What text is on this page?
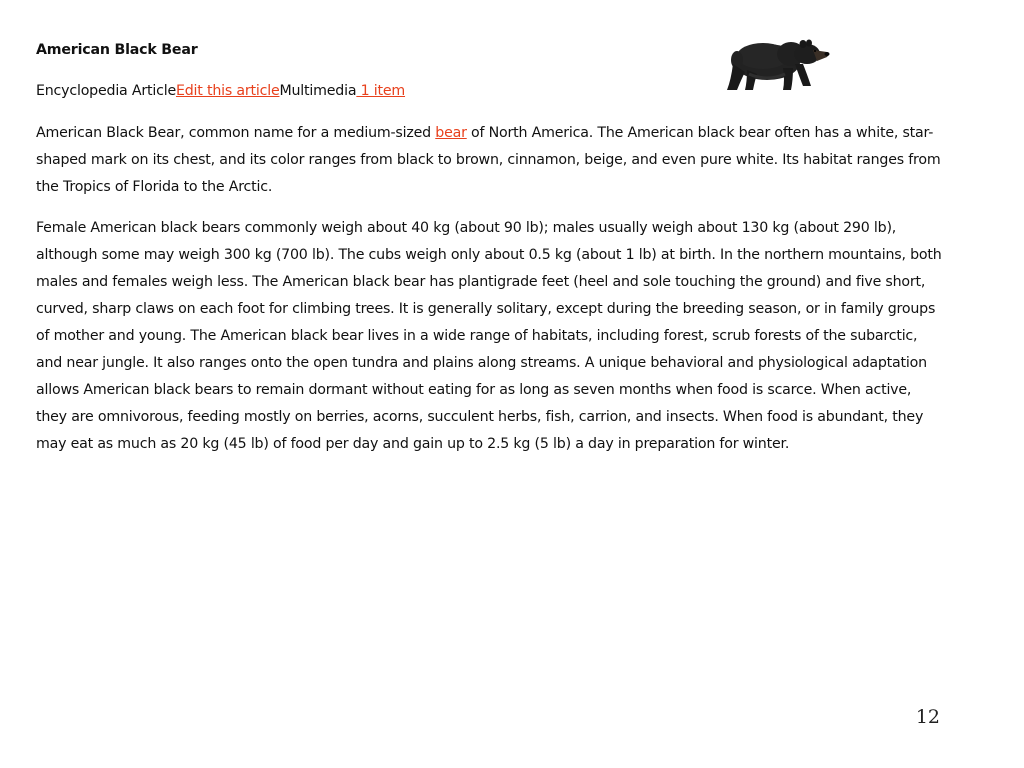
American Black Bear

Encyclopedia ArticleEdit this articleMultimedia 1 item

American Black Bear, common name for a medium-sized bear of North America. The American black bear often has a white, star-shaped mark on its chest, and its color ranges from black to brown, cinnamon, beige, and even pure white. Its habitat ranges from the Tropics of Florida to the Arctic.

Female American black bears commonly weigh about 40 kg (about 90 lb); males usually weigh about 130 kg (about 290 lb), although some may weigh 300 kg (700 lb). The cubs weigh only about 0.5 kg (about 1 lb) at birth. In the northern mountains, both males and females weigh less. The American black bear has plantigrade feet (heel and sole touching the ground) and five short, curved, sharp claws on each foot for climbing trees. It is generally solitary, except during the breeding season, or in family groups of mother and young. The American black bear lives in a wide range of habitats, including forest, scrub forests of the subarctic, and near jungle. It also ranges onto the open tundra and plains along streams. A unique behavioral and physiological adaptation allows American black bears to remain dormant without eating for as long as seven months when food is scarce. When active, they are omnivorous, feeding mostly on berries, acorns, succulent herbs, fish, carrion, and insects. When food is abundant, they may eat as much as 20 kg (45 lb) of food per day and gain up to 2.5 kg (5 lb) a day in preparation for winter.

12
